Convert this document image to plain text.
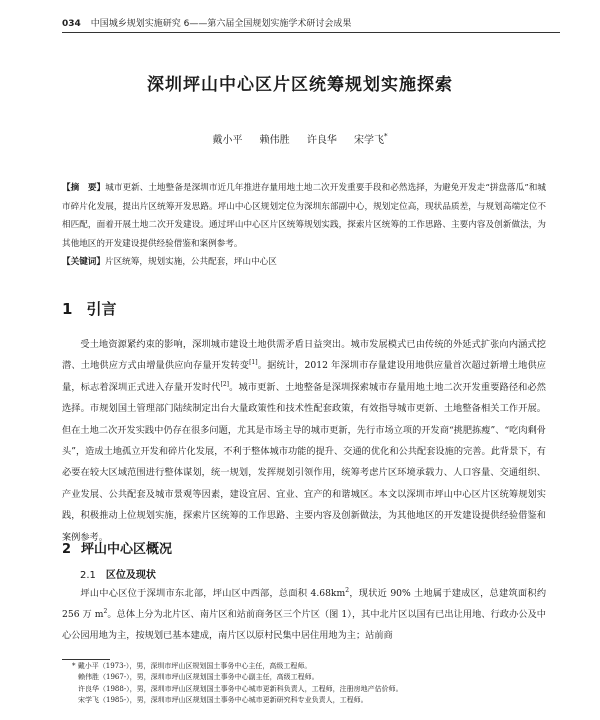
034 中国城乡规划实施研究 6——第六届全国规划实施学术研讨会成果
深圳坪山中心区片区统筹规划实施探索
戴小平 赖伟胜 许良华 宋学飞*
【摘　要】城市更新、土地整备是深圳市近几年推进存量用地土地二次开发重要手段和必然选择，为避免开发走“拼盘落瓜”和城市碎片化发展，提出片区统筹开发思路。坪山中心区规划定位为深圳东部副中心，规划定位高，现状品质差，与规划高端定位不相匹配，面着开展土地二次开发建设。通过坪山中心区片区统筹规划实践，探索片区统筹的工作思路、主要内容及创新做法，为其他地区的开发建设提供经验借鉴和案例参考。
【关键词】片区统筹，规划实施，公共配套，坪山中心区
1 引言
受土地资源紧约束的影响，深圳城市建设土地供需矛盾日益突出。城市发展模式已由传统的外延式扩张向内涵式挖潜、土地供应方式由增量供应向存量开发转变[1]。据统计，2012 年深圳市存量建设用地供应量首次超过新增土地供应量，标志着深圳正式进入存量开发时代[2]。城市更新、土地整备是深圳探索城市存量用地土地二次开发重要路径和必然选择。市规划国土管理部门陆续制定出台大量政策性和技术性配套政策，有效指导城市更新、土地整备相关工作开展。但在土地二次开发实践中仍存在很多问题，尤其是市场主导的城市更新，先行市场立项的开发商“挑肥拣瘦”、“吃肉剩骨头”，造成土地孤立开发和碎片化发展，不利于整体城市功能的提升、交通的优化和公共配套设施的完善。此背景下，有必要在较大区域范围进行整体谋划，统一规划，发挥规划引领作用，统筹考虑片区环境承载力、人口容量、交通组织、产业发展、公共配套及城市景观等因素，建设宜居、宜业、宜产的和谐城区。本文以深圳市坪山中心区片区统筹规划实践，积极推动上位规划实施，探索片区统筹的工作思路、主要内容及创新做法，为其他地区的开发建设提供经验借鉴和案例参考。
2 坪山中心区概况
2.1 区位及现状
坪山中心区位于深圳市东北部，坪山区中西部，总面积 $4.68km^2$，现状近 90% 土地属于建成区，总建筑面积约 256 万 $m^2$。总体上分为北片区、南片区和站前商务区三个片区（图 1），其中北片区以国有已出让用地、行政办公及中心公园用地为主，按规划已基本建成，南片区以原村民集中居住用地为主；站前商
* 戴小平（1973-），男，深圳市坪山区规划国土事务中心主任，高级工程师。
赖伟胜（1967-），男，深圳市坪山区规划国土事务中心副主任，高级工程师。
许良华（1988-），男，深圳市坪山区规划国土事务中心城市更新科负责人，工程师，注册房地产估价师。
宋学飞（1985-），男，深圳市坪山区规划国土事务中心城市更新研究科专业负责人，工程师。
